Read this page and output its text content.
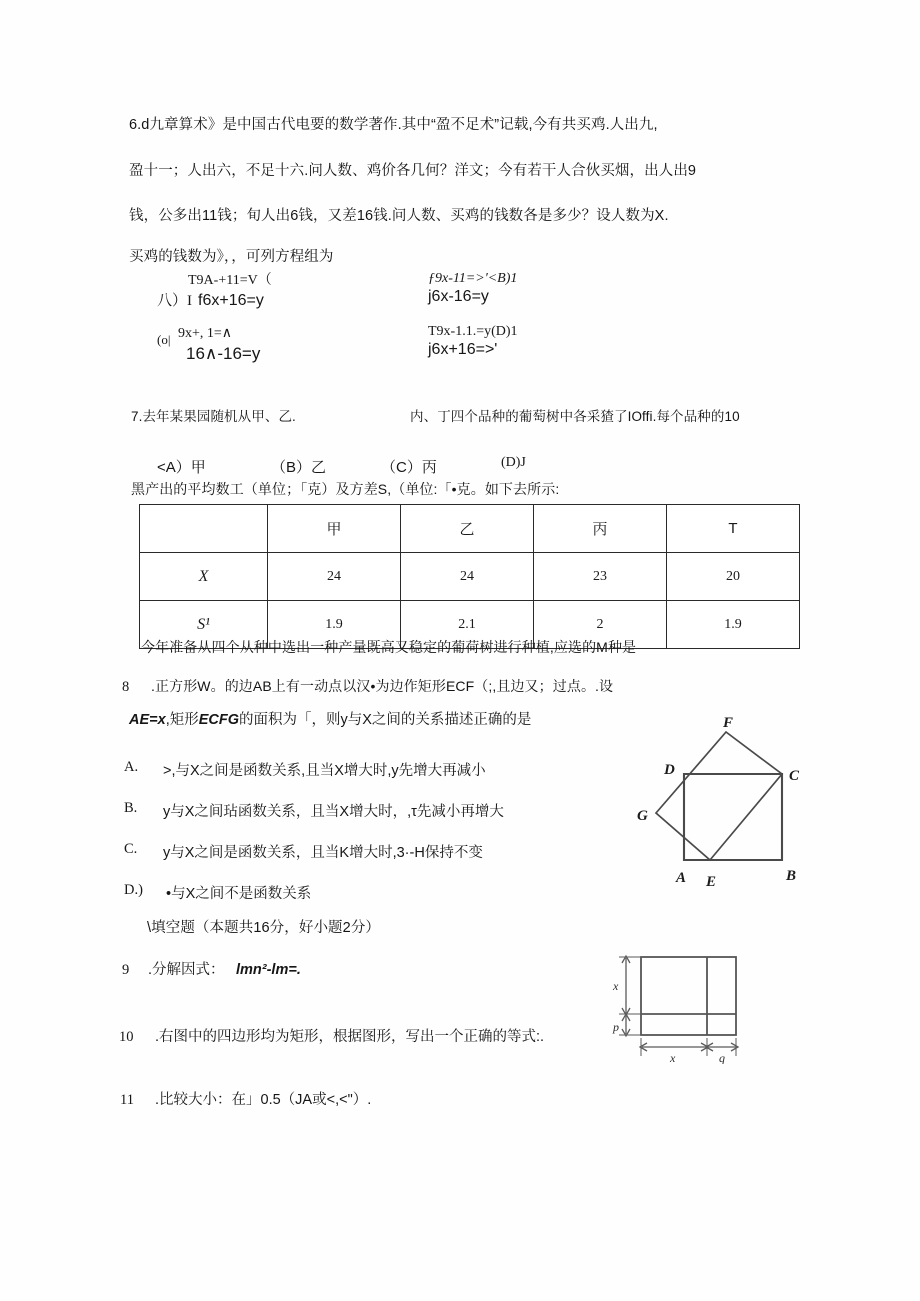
6.d九章算术》是中国古代电要的数学著作.其中“盈不足术”记载,今有共买鸡.人出九,
盈十一；人出六，不足十六.问人数、鸡价各几何？洋文；今有若干人合伙买烟，出人出9
钱，公多出11钱；旬人出6钱，又差16钱.问人数、买鸡的钱数各是多少？设人数为X.
买鸡的钱数为》，，可列方程组为
八）I
T9A-+11=V（
f6x+16=y
ƒ9x-11=>'<B)1
j6x-16=y
(o| 9x+, 1=∧
16∧-16=y
T9x-1.1.=y(D)1
j6x+16=>'
7.去年某果园随机从甲、乙.	内、丁四个品种的葡萄树中各采猹了IOffi.每个品种的10
<A）甲	（B）乙	（C）丙	(D)J
黑产出的平均数工（单位；「克）及方差S,（单位:「•克。如下去所示:
	甲	乙	丙	T
X	24	24	23	20
S¹	1.9	2.1	2	1.9
今年准备从四个从种中选出一种产量既高又稳定的葡荷树进行种植,应选的M种是
8 .正方形W。的边AB上有一动点以汉•为边作矩形ECF（;,且边又；过点。.设
AE=x,矩形ECFG的面积为「，则y与X之间的关系描述正确的是
A. >,与X之间是函数关系,且当X增大时,y先增大再减小
B. y与X之间玷函数关系，且当X增大时，,τ先减小再增大
C. y与X之间是函数关系，且当K增大时,3·-H保持不变
D.) •与X之间不是函数关系
F
D	C
G
A E	B
\填空题（本题共16分，好小题2分）
9 .分解因式： lmn²-lm=.
10 .右图中的四边形均为矩形，根据图形，写出一个正确的等式:.
x
p
x	q
11 .比较大小：在」0.5（JA或<,<"）.
